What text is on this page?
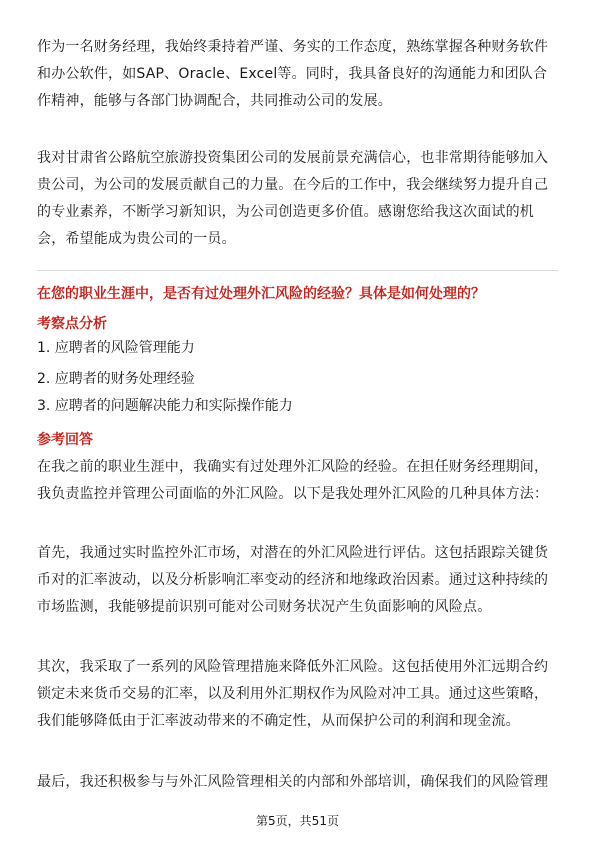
作为一名财务经理，我始终秉持着严谨、务实的工作态度，熟练掌握各种财务软件和办公软件，如SAP、Oracle、Excel等。同时，我具备良好的沟通能力和团队合作精神，能够与各部门协调配合，共同推动公司的发展。

我对甘肃省公路航空旅游投资集团公司的发展前景充满信心，也非常期待能够加入贵公司，为公司的发展贡献自己的力量。在今后的工作中，我会继续努力提升自己的专业素养，不断学习新知识，为公司创造更多价值。感谢您给我这次面试的机会，希望能成为贵公司的一员。

在您的职业生涯中，是否有过处理外汇风险的经验？具体是如何处理的？
考察点分析
1. 应聘者的风险管理能力
2. 应聘者的财务处理经验
3. 应聘者的问题解决能力和实际操作能力
参考回答

在我之前的职业生涯中，我确实有过处理外汇风险的经验。在担任财务经理期间，我负责监控并管理公司面临的外汇风险。以下是我处理外汇风险的几种具体方法：

首先，我通过实时监控外汇市场，对潜在的外汇风险进行评估。这包括跟踪关键货币对的汇率波动，以及分析影响汇率变动的经济和地缘政治因素。通过这种持续的市场监测，我能够提前识别可能对公司财务状况产生负面影响的风险点。

其次，我采取了一系列的风险管理措施来降低外汇风险。这包括使用外汇远期合约锁定未来货币交易的汇率，以及利用外汇期权作为风险对冲工具。通过这些策略，我们能够降低由于汇率波动带来的不确定性，从而保护公司的利润和现金流。

最后，我还积极参与与外汇风险管理相关的内部和外部培训，确保我们的风险管理

第5页，共51页
